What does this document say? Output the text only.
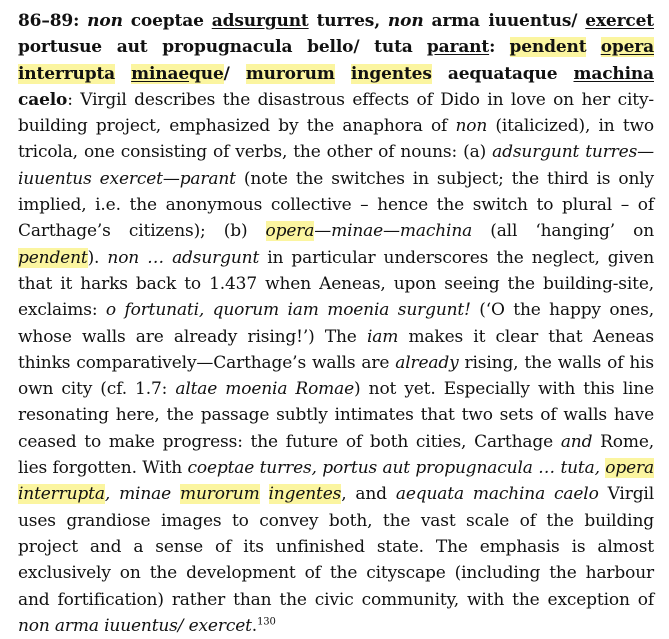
86–89: non coeptae adsurgunt turres, non arma iuuentus/ exercet portusue aut propugnacula bello/ tuta parant: pendent opera interrupta minaeque/ murorum ingentes aequataque machina caelo: Virgil describes the disastrous effects of Dido in love on her city-building project, emphasized by the anaphora of non (italicized), in two tricola, one consisting of verbs, the other of nouns: (a) adsurgunt turres—iuuentus exercet—parant (note the switches in subject; the third is only implied, i.e. the anonymous collective – hence the switch to plural – of Carthage’s citizens); (b) opera—minae—machina (all ‘hanging’ on pendent). non … adsurgunt in particular underscores the neglect, given that it harks back to 1.437 when Aeneas, upon seeing the building-site, exclaims: o fortunati, quorum iam moenia surgunt! (‘O the happy ones, whose walls are already rising!’) The iam makes it clear that Aeneas thinks comparatively—Carthage’s walls are already rising, the walls of his own city (cf. 1.7: altae moenia Romae) not yet. Especially with this line resonating here, the passage subtly intimates that two sets of walls have ceased to make progress: the future of both cities, Carthage and Rome, lies forgotten. With coeptae turres, portus aut propugnacula … tuta, opera interrupta, minae murorum ingentes, and aequata machina caelo Virgil uses grandiose images to convey both, the vast scale of the building project and a sense of its unfinished state. The emphasis is almost exclusively on the development of the cityscape (including the harbour and fortification) rather than the civic community, with the exception of non arma iuuentus/ exercet.$^{130}$
